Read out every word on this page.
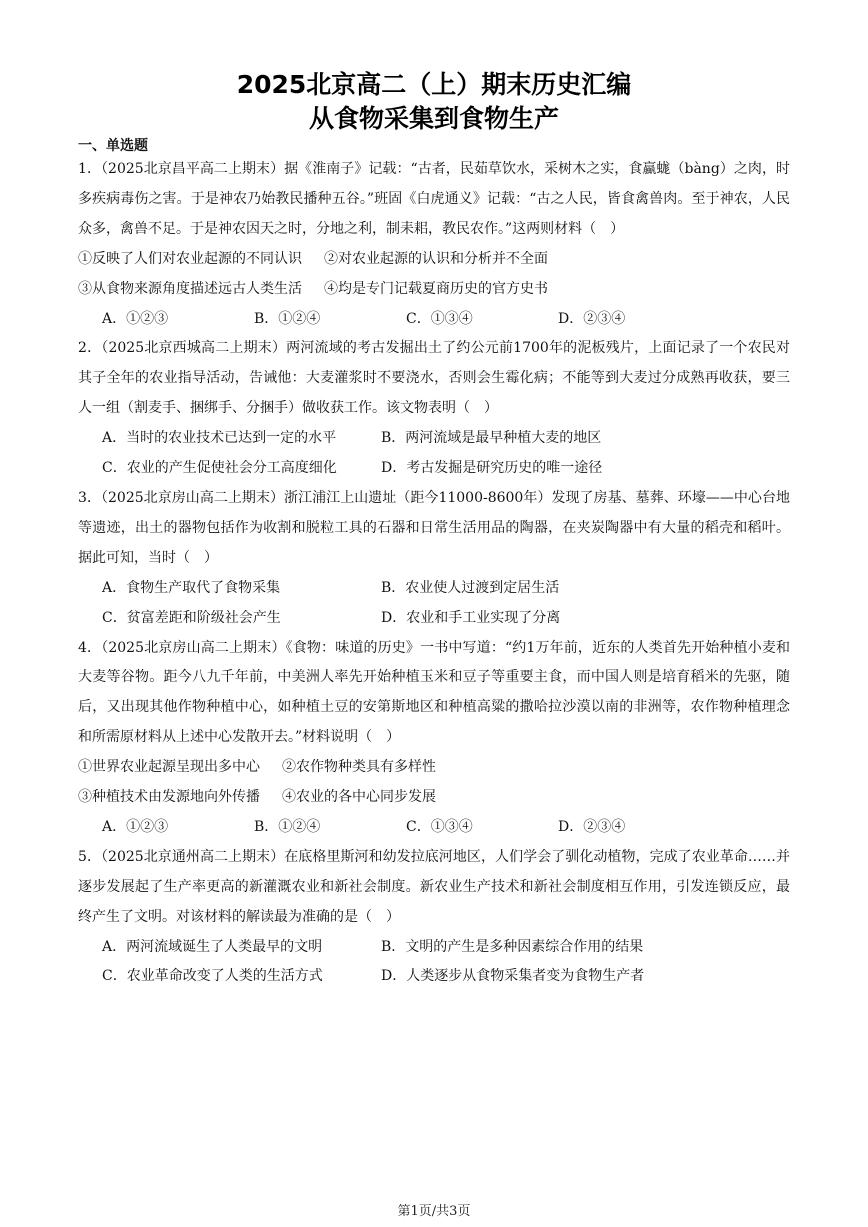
2025北京高二（上）期末历史汇编
从食物采集到食物生产
一、单选题
1．（2025北京昌平高二上期末）据《淮南子》记载：“古者，民茹草饮水，采树木之实，食蠃蛖（bàng）之肉，时多疾病毒伤之害。于是神农乃始教民播种五谷。”班固《白虎通义》记载：“古之人民，皆食禽兽肉。至于神农，人民众多，禽兽不足。于是神农因天之时，分地之利，制耒耜，教民农作。”这两则材料（　）
①反映了人们对农业起源的不同认识 ②对农业起源的认识和分析并不全面
③从食物来源角度描述远古人类生活 ④均是专门记载夏商历史的官方史书
A．①②③	B．①②④	C．①③④	D．②③④
2．（2025北京西城高二上期末）两河流域的考古发掘出土了约公元前1700年的泥板残片，上面记录了一个农民对其子全年的农业指导活动，告诫他：大麦灌浆时不要浇水，否则会生霉化病；不能等到大麦过分成熟再收获，要三人一组（割麦手、捆绑手、分捆手）做收获工作。该文物表明（　）
A．当时的农业技术已达到一定的水平	B．两河流域是最早种植大麦的地区
C．农业的产生促使社会分工高度细化	D．考古发掘是研究历史的唯一途径
3．（2025北京房山高二上期末）浙江浦江上山遗址（距今11000-8600年）发现了房基、墓葬、环壕——中心台地等遗迹，出土的器物包括作为收割和脱粒工具的石器和日常生活用品的陶器，在夹炭陶器中有大量的稻壳和稻叶。据此可知，当时（　）
A．食物生产取代了食物采集	B．农业使人过渡到定居生活
C．贫富差距和阶级社会产生	D．农业和手工业实现了分离
4．（2025北京房山高二上期末）《食物：味道的历史》一书中写道：“约1万年前，近东的人类首先开始种植小麦和大麦等谷物。距今八九千年前，中美洲人率先开始种植玉米和豆子等重要主食，而中国人则是培育稻米的先驱，随后，又出现其他作物种植中心，如种植土豆的安第斯地区和种植高粱的撒哈拉沙漠以南的非洲等，农作物种植理念和所需原材料从上述中心发散开去。”材料说明（　）
①世界农业起源呈现出多中心 ②农作物种类具有多样性
③种植技术由发源地向外传播 ④农业的各中心同步发展
A．①②③	B．①②④	C．①③④	D．②③④
5．（2025北京通州高二上期末）在底格里斯河和幼发拉底河地区，人们学会了驯化动植物，完成了农业革命……并逐步发展起了生产率更高的新灌溉农业和新社会制度。新农业生产技术和新社会制度相互作用，引发连锁反应，最终产生了文明。对该材料的解读最为准确的是（　）
A．两河流域诞生了人类最早的文明	B．文明的产生是多种因素综合作用的结果
C．农业革命改变了人类的生活方式	D．人类逐步从食物采集者变为食物生产者
第1页/共3页
